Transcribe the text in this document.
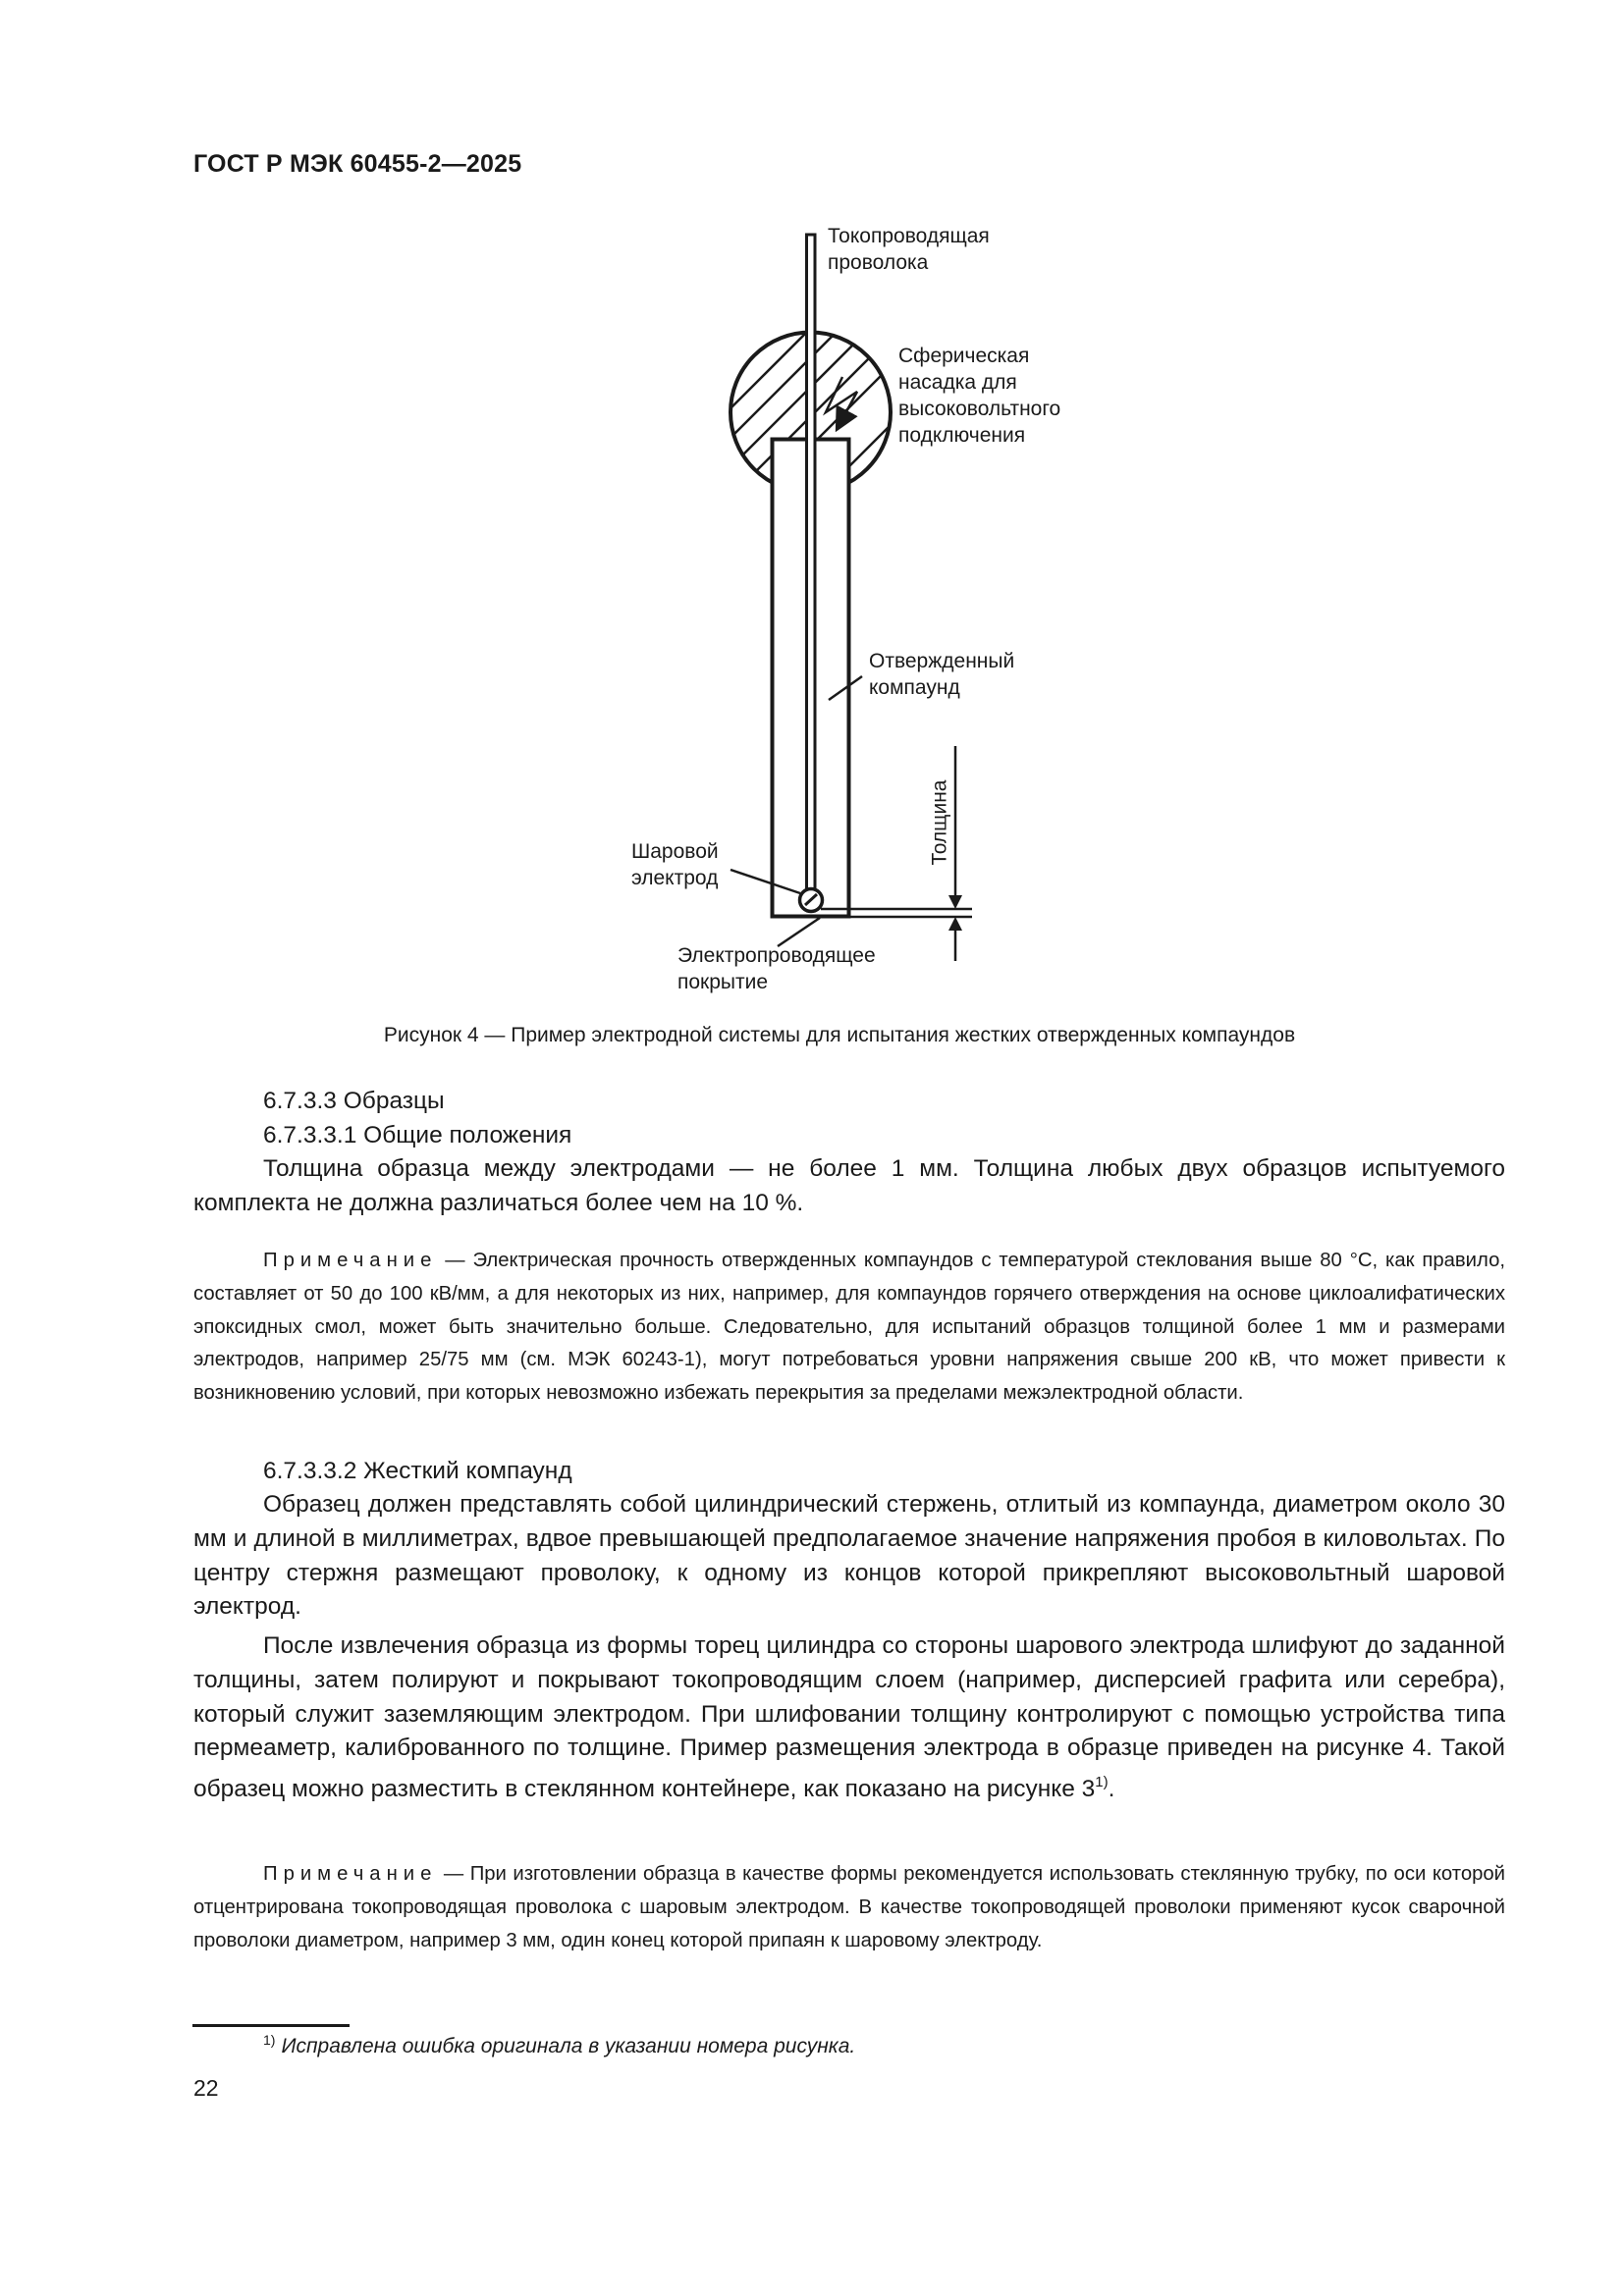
ГОСТ Р МЭК 60455-2—2025
Токопроводящая
проволока
Сферическая
насадка для
высоковольтного
подключения
Отвержденный
компаунд
Шаровой
электрод
Электропроводящее
покрытие
Толщина
Рисунок 4 — Пример электродной системы для испытания жестких отвержденных компаундов
6.7.3.3 Образцы
6.7.3.3.1 Общие положения
Толщина образца между электродами — не более 1 мм. Толщина любых двух образцов испытуемого комплекта не должна различаться более чем на 10 %.
Примечание — Электрическая прочность отвержденных компаундов с температурой стеклования выше 80 °С, как правило, составляет от 50 до 100 кВ/мм, а для некоторых из них, например, для компаундов горячего отверждения на основе циклоалифатических эпоксидных смол, может быть значительно больше. Следовательно, для испытаний образцов толщиной более 1 мм и размерами электродов, например 25/75 мм (см. МЭК 60243-1), могут потребоваться уровни напряжения свыше 200 кВ, что может привести к возникновению условий, при которых невозможно избежать перекрытия за пределами межэлектродной области.
6.7.3.3.2 Жесткий компаунд
Образец должен представлять собой цилиндрический стержень, отлитый из компаунда, диаметром около 30 мм и длиной в миллиметрах, вдвое превышающей предполагаемое значение напряжения пробоя в киловольтах. По центру стержня размещают проволоку, к одному из концов которой прикрепляют высоковольтный шаровой электрод.
После извлечения образца из формы торец цилиндра со стороны шарового электрода шлифуют до заданной толщины, затем полируют и покрывают токопроводящим слоем (например, дисперсией графита или серебра), который служит заземляющим электродом. При шлифовании толщину контролируют с помощью устройства типа пермеаметр, калиброванного по толщине. Пример размещения электрода в образце приведен на рисунке 4. Такой образец можно разместить в стеклянном контейнере, как показано на рисунке 3$^{1)}$.
Примечание — При изготовлении образца в качестве формы рекомендуется использовать стеклянную трубку, по оси которой отцентрирована токопроводящая проволока с шаровым электродом. В качестве токопроводящей проволоки применяют кусок сварочной проволоки диаметром, например 3 мм, один конец которой припаян к шаровому электроду.
$^{1)}$ Исправлена ошибка оригинала в указании номера рисунка.
22
